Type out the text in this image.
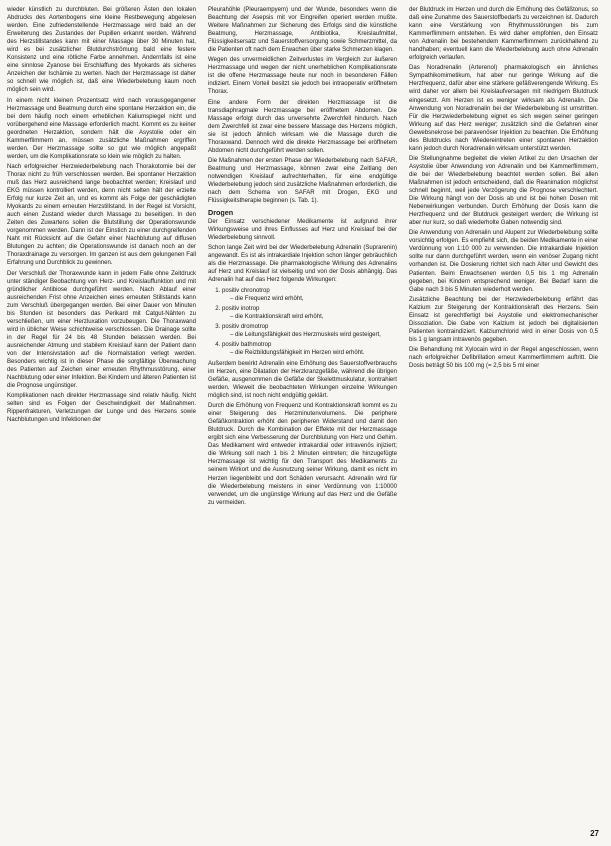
wieder künstlich zu durchbluten. Bei größeren Ästen den lokalen Abdrucks des Aortenbogens eine kleine Restbewegung abgelesen werden. Eine zufriedenstellende Herzmassage wird bald an der Erweiterung des Zustandes der Pupillen erkannt werden. Während des Herzstillstandes kann mit einer Massage über 30 Minuten hat, wird es bei zusätzlicher Blutdurchströmung bald eine festere Konsistenz und eine rötliche Farbe annehmen. Andernfalls ist eine eine sinnlose Zyanose bei Erschlaffung des Myokards als sicheres Anzeichen der Ischämie zu werten. Nach der Herzmassage ist daher so schnell wie möglich ist, daß eine Wiederbelebung kaum noch möglich sein wird.

In einem nicht kleinen Prozentsatz wird nach vorausgegangener Herzmassage und Beatmung durch eine spontane Herzaktion ein, die bei dem häufig noch einem erheblichen Kaliumspiegel nicht und vorübergehend eine Massage erforderlich macht. Kommt es zu keiner geordneten Herzaktion, sondern hält die Asystolie oder ein Kammerflimmern an, müssen zusätzliche Maßnahmen ergriffen werden. Der Herzmassage sollte so gut wie möglich angepaßt werden, um die Komplikationsrate so klein wie möglich zu halten.

Nach erfolgreicher Herzwiederbelebung nach Thorakotomie bei der Thorax nicht zu früh verschlossen werden. Bei spontaner Herzaktion muß das Herz ausreichend lange beobachtet werden; Kreislauf und EKG müssen kontrolliert werden, denn nicht selten hält der erzielte Erfolg nur kurze Zeit an, und es kommt als Folge der geschädigten Myokards zu einem erneuten Herzstillstand. In der Regel ist Vorsicht, auch einen Zustand wieder durch Massage zu beseitigen. In den Zeiten des Zuwartens sollen die Blutstillung der Operationswunde vorgenommen werden. Dann ist der Einstich zu einer durchgreifenden Naht mit Rücksicht auf die Gefahr einer Nachblutung auf diffusen Blutungen zu achten; die Operationswunde ist danach noch an der Thoraxdrainage zu versorgen. Im ganzen ist aus dem gelungenen Fall Erfahrung und Durchblick zu gewinnen.

Der Verschluß der Thoraxwunde kann in jedem Falle ohne Zeitdruck unter ständiger Beobachtung von Herz- und Kreislauffunktion und mit gründlicher Antibiose durchgeführt werden. Nach Ablauf einer ausreichenden Frist ohne Anzeichen eines erneuten Stillstands kann zum Verschluß übergegangen werden. Bei einer Dauer von Minuten bis Stunden ist besonders das Perikard mit Catgut-Nähten zu verschließen, um einer Herzluxation vorzubeugen. Die Thoraxwand wird in üblicher Weise schichtweise verschlossen. Die Drainage sollte in der Regel für 24 bis 48 Stunden belassen werden. Bei ausreichender Atmung und stabilem Kreislauf kann der Patient dann von der Intensivstation auf die Normalstation verlegt werden. Besonders wichtig ist in dieser Phase die sorgfältige Überwachung des Patienten auf Zeichen einer erneuten Rhythmusstörung, einer Nachblutung oder einer Infektion. Bei Kindern und älteren Patienten ist die Prognose ungünstiger.

Komplikationen nach direkter Herzmassage sind relativ häufig. Nicht selten sind es Folgen der Geschwindigkeit der Maßnahmen. Rippenfrakturen, Verletzungen der Lunge und des Herzens sowie Nachblutungen und Infektionen der

Pleurahöhle (Pleuraempyem) und der Wunde, besonders wenn die Beachtung der Asepsis mit vor Eingreifen operiert werden mußte. Weitere Maßnahmen zur Sicherung des Erfolgs sind die künstliche Beatmung, Herzmassage, Antibiotika, Kreislaufmittel, Flüssigkeitsersatz und Sauerstoffversorgung sowie Schmerzmittel, da die Patienten oft nach dem Erwachen über starke Schmerzen klagen.

Wegen des unvermeidlichen Zeitverlustes im Vergleich zur äußeren Herzmassage und wegen der nicht unerheblichen Komplikationsrate ist die offene Herzmassage heute nur noch in besonderen Fällen indiziert. Einem Vorteil besitzt sie jedoch bei intraoperativ eröffnetem Thorax.

Eine andere Form der direkten Herzmassage ist die transdiaphragmale Herzmassage bei eröffnetem Abdomen. Die Massage erfolgt durch das unversehrte Zwerchfell hindurch. Nach dem Zwerchfell ist zwar eine bessere Massage des Herzens möglich, sie ist jedoch ähnlich wirksam wie die Massage durch die Thoraxwand. Dennoch wird die direkte Herzmassage bei eröffnetem Abdomen nicht durchgeführt werden sollen.

Die Maßnahmen der ersten Phase der Wiederbelebung nach SAFAR, Beatmung und Herzmassage, können zwar eine Zeitlang den notwendigen Kreislauf aufrechterhalten, für eine endgültige Wiederbelebung jedoch sind zusätzliche Maßnahmen erforderlich, die nach dem Schema von SAFAR mit Drogen, EKG und Flüssigkeitstherapie beginnen (s. Tab. 1).

Drogen

Der Einsatz verschiedener Medikamente ist aufgrund ihrer Wirkungsweise und ihres Einflusses auf Herz und Kreislauf bei der Wiederbelebung sinnvoll.

Schon lange Zeit wird bei der Wiederbelebung Adrenalin (Suprarenin) angewandt. Es ist als intrakardiale Injektion schon länger gebräuchlich als die Herzmassage. Die pharmakologische Wirkung des Adrenalins auf Herz und Kreislauf ist vielseitig und von der Dosis abhängig. Das Adrenalin hat auf das Herz folgende Wirkungen:

1. positiv chronotrop
– die Frequenz wird erhöht,
2. positiv inotrop
– die Kontraktionskraft wird erhöht,
3. positiv dromotrop
– die Leitungsfähigkeit des Herzmuskels wird gesteigert,
4. positiv bathmotrop
– die Reizbildungsfähigkeit im Herzen wird erhöht.

Außerdem bewirkt Adrenalin eine Erhöhung des Sauerstoffverbrauchs im Herzen, eine Dilatation der Herzkranzgefäße, während die übrigen Gefäße, ausgenommen die Gefäße der Skelettmuskulatur, kontrahiert werden. Wieweit die beobachteten Wirkungen einzelne Wirkungen möglich sind, ist noch nicht endgültig geklärt.

Durch die Erhöhung von Frequenz und Kontraktionskraft kommt es zu einer Steigerung des Herzminutenvolumens. Die periphere Gefäßkontraktion erhöht den peripheren Widerstand und damit den Blutdruck. Durch die Kombination der Effekte mit der Herzmassage ergibt sich eine Verbesserung der Durchblutung von Herz und Gehirn. Das Medikament wird entweder intrakardial oder intravenös injiziert; die Wirkung soll nach 1 bis 2 Minuten eintreten; die hinzugefügte Herzmassage ist wichtig für den Transport des Medikaments zu seinem Wirkort und die Ausnutzung seiner Wirkung, damit es nicht im Herzen liegenbleibt und dort Schäden verursacht. Adrenalin wird für die Wiederbelebung meistens in einer Verdünnung von 1:10000 verwendet, um die ungünstige Wirkung auf das Herz und die Gefäße zu vermeiden.

der Blutdruck im Herzen und durch die Erhöhung des Gefäßtonus, so daß eine Zunahme des Sauerstoffbedarfs zu verzeichnen ist. Dadurch kann eine Verstärkung von Rhythmusstörungen bis zum Kammerflimmern entstehen. Es wird daher empfohlen, den Einsatz von Adrenalin bei bestehendem Kammerflimmern zurückhaltend zu handhaben; eventuell kann die Wiederbelebung auch ohne Adrenalin erfolgreich verlaufen.

Das Noradrenalin (Arterenol) pharmakologisch ein ähnliches Sympathikomimetikum, hat aber nur geringe Wirkung auf die Herzfrequenz, dafür aber eine stärkere gefäßverengende Wirkung. Es wird daher vor allem bei Kreislaufversagen mit niedrigem Blutdruck eingesetzt. Am Herzen ist es weniger wirksam als Adrenalin. Die Anwendung von Noradrenalin bei der Wiederbelebung ist umstritten. Für die Herzwiederbelebung eignet es sich wegen seiner geringen Wirkung auf das Herz weniger; zusätzlich sind die Gefahren einer Gewebsnekrose bei paravenöser Injektion zu beachten. Die Erhöhung des Blutdrucks nach Wiedereintreten einer spontanen Herzaktion kann jedoch durch Noradrenalin wirksam unterstützt werden.

Die Stellungnahme begleitet die vielen Artikel zu den Ursachen der Asystolie über Anwendung von Adrenalin und bei Kammerflimmern, die bei der Wiederbelebung beachtet werden sollen. Bei allen Maßnahmen ist jedoch entscheidend, daß die Reanimation möglichst schnell beginnt, weil jede Verzögerung die Prognose verschlechtert. Die Wirkung hängt von der Dosis ab und ist bei hohen Dosen mit Nebenwirkungen verbunden. Durch Erhöhung der Dosis kann die Herzfrequenz und der Blutdruck gesteigert werden; die Wirkung ist aber nur kurz, so daß wiederholte Gaben notwendig sind.

Die Anwendung von Adrenalin und Alupent zur Wiederbelebung sollte vorsichtig erfolgen. Es empfiehlt sich, die beiden Medikamente in einer Verdünnung von 1:10 000 zu verwenden. Die intrakardiale Injektion sollte nur dann durchgeführt werden, wenn ein venöser Zugang nicht vorhanden ist. Die Dosierung richtet sich nach Alter und Gewicht des Patienten. Beim Erwachsenen werden 0,5 bis 1 mg Adrenalin gegeben, bei Kindern entsprechend weniger. Bei Bedarf kann die Gabe nach 3 bis 5 Minuten wiederholt werden.

Zusätzliche Beachtung bei der Herzwiederbelebung erfährt das Kalzium zur Steigerung der Kontraktionskraft des Herzens. Sein Einsatz ist gerechtfertigt bei Asystolie und elektromechanischer Dissoziation. Die Gabe von Kalzium ist jedoch bei digitalisierten Patienten kontraindiziert. Kalziumchlorid wird in einer Dosis von 0,5 bis 1 g langsam intravenös gegeben.

Die Behandlung mit Xylocain wird in der Regel angeschlossen, wenn nach erfolgreicher Defibrillation erneut Kammerflimmern auftritt. Die Dosis beträgt 50 bis 100 mg (= 2,5 bis 5 ml einer

27
